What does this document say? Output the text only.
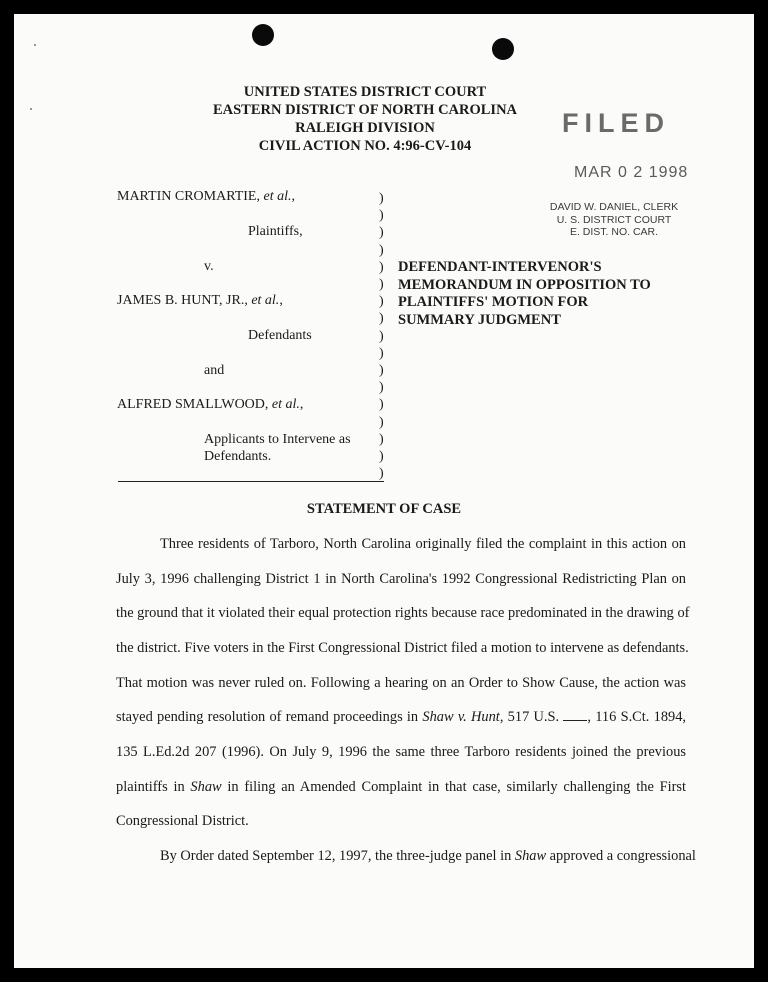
UNITED STATES DISTRICT COURT
EASTERN DISTRICT OF NORTH CAROLINA
RALEIGH DIVISION
CIVIL ACTION NO. 4:96-CV-104
FILED
MAR 0 2 1998
DAVID W. DANIEL, CLERK
U. S. DISTRICT COURT
E. DIST. NO. CAR.
MARTIN CROMARTIE, et al.,
Plaintiffs,
v.
JAMES B. HUNT, JR., et al.,
Defendants
and
ALFRED SMALLWOOD, et al.,
Applicants to Intervene as
Defendants.
)
)
)
)
)
)
)
)
)
)
)
)
)
)
)
)
)
DEFENDANT-INTERVENOR'S
MEMORANDUM IN OPPOSITION TO
PLAINTIFFS' MOTION FOR
SUMMARY JUDGMENT
STATEMENT OF CASE
Three residents of Tarboro, North Carolina originally filed the complaint in this action on
July 3, 1996 challenging District 1 in North Carolina's 1992 Congressional Redistricting Plan on
the ground that it violated their equal protection rights because race predominated in the drawing of
the district. Five voters in the First Congressional District filed a motion to intervene as defendants.
That motion was never ruled on. Following a hearing on an Order to Show Cause, the action was
stayed pending resolution of remand proceedings in Shaw v. Hunt, 517 U.S. , 116 S.Ct. 1894,
135 L.Ed.2d 207 (1996). On July 9, 1996 the same three Tarboro residents joined the previous
plaintiffs in Shaw in filing an Amended Complaint in that case, similarly challenging the First
Congressional District.
By Order dated September 12, 1997, the three-judge panel in Shaw approved a congressional
